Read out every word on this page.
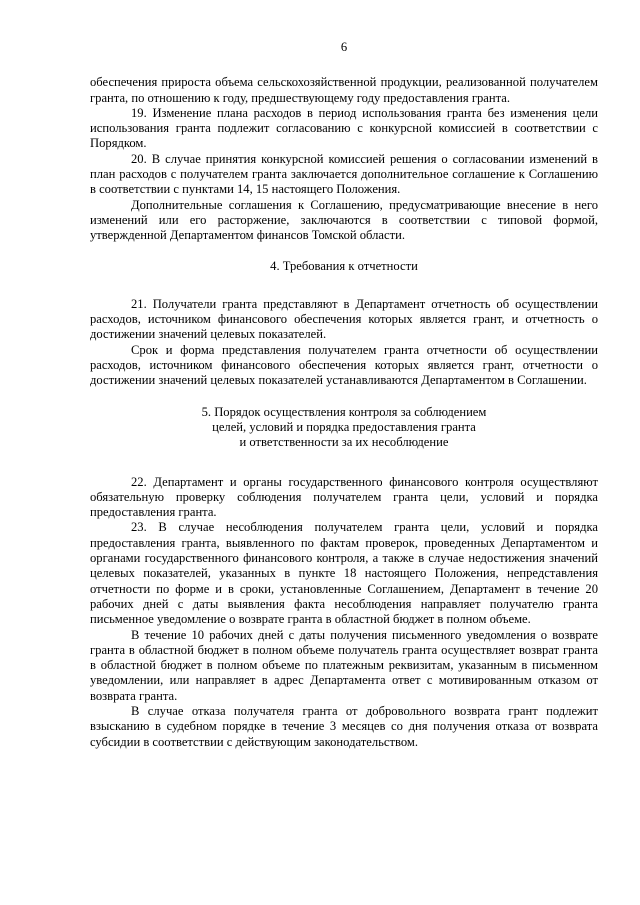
6

обеспечения прироста объема сельскохозяйственной продукции, реализованной получателем гранта, по отношению к году, предшествующему году предоставления гранта.

19. Изменение плана расходов в период использования гранта без изменения цели использования гранта подлежит согласованию с конкурсной комиссией в соответствии с Порядком.

20. В случае принятия конкурсной комиссией решения о согласовании изменений в план расходов с получателем гранта заключается дополнительное соглашение к Соглашению в соответствии с пунктами 14, 15 настоящего Положения.

Дополнительные соглашения к Соглашению, предусматривающие внесение в него изменений или его расторжение, заключаются в соответствии с типовой формой, утвержденной Департаментом финансов Томской области.

4. Требования к отчетности

21. Получатели гранта представляют в Департамент отчетность об осуществлении расходов, источником финансового обеспечения которых является грант, и отчетность о достижении значений целевых показателей.

Срок и форма представления получателем гранта отчетности об осуществлении расходов, источником финансового обеспечения которых является грант, отчетности о достижении значений целевых показателей устанавливаются Департаментом в Соглашении.

5. Порядок осуществления контроля за соблюдением
целей, условий и порядка предоставления гранта
и ответственности за их несоблюдение

22. Департамент и органы государственного финансового контроля осуществляют обязательную проверку соблюдения получателем гранта цели, условий и порядка предоставления гранта.

23. В случае несоблюдения получателем гранта цели, условий и порядка предоставления гранта, выявленного по фактам проверок, проведенных Департаментом и органами государственного финансового контроля, а также в случае недостижения значений целевых показателей, указанных в пункте 18 настоящего Положения, непредставления отчетности по форме и в сроки, установленные Соглашением, Департамент в течение 20 рабочих дней с даты выявления факта несоблюдения направляет получателю гранта письменное уведомление о возврате гранта в областной бюджет в полном объеме.

В течение 10 рабочих дней с даты получения письменного уведомления о возврате гранта в областной бюджет в полном объеме получатель гранта осуществляет возврат гранта в областной бюджет в полном объеме по платежным реквизитам, указанным в письменном уведомлении, или направляет в адрес Департамента ответ с мотивированным отказом от возврата гранта.

В случае отказа получателя гранта от добровольного возврата грант подлежит взысканию в судебном порядке в течение 3 месяцев со дня получения отказа от возврата субсидии в соответствии с действующим законодательством.
